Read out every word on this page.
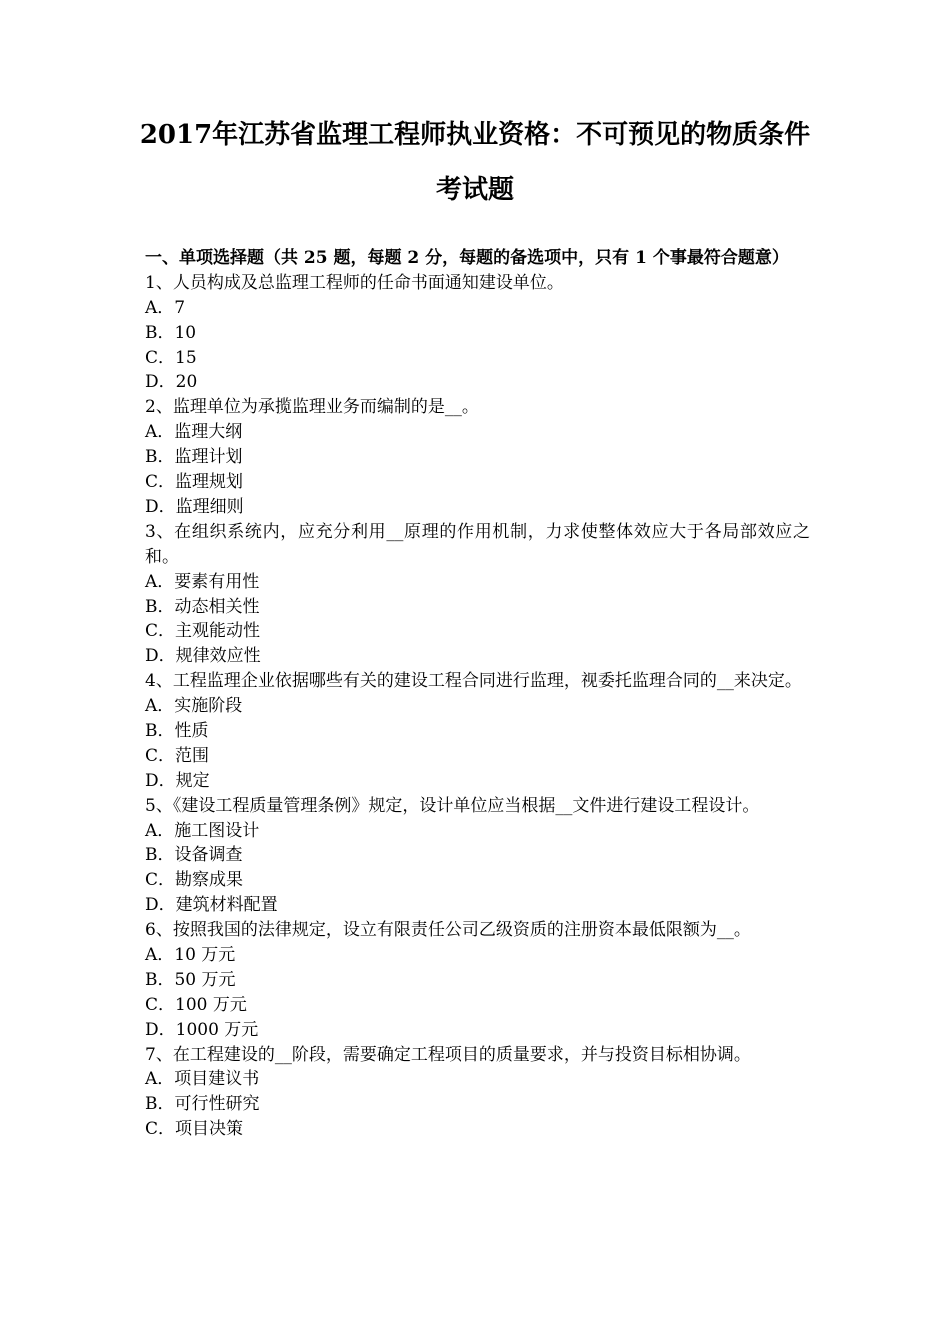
2017年江苏省监理工程师执业资格：不可预见的物质条件
考试题
一、单项选择题（共 25 题，每题 2 分，每题的备选项中，只有 1 个事最符合题意）
1、人员构成及总监理工程师的任命书面通知建设单位。
A．7
B．10
C．15
D．20
2、监理单位为承揽监理业务而编制的是__。
A．监理大纲
B．监理计划
C．监理规划
D．监理细则
3、在组织系统内，应充分利用__原理的作用机制，力求使整体效应大于各局部效应之和。
A．要素有用性
B．动态相关性
C．主观能动性
D．规律效应性
4、工程监理企业依据哪些有关的建设工程合同进行监理，视委托监理合同的__来决定。
A．实施阶段
B．性质
C．范围
D．规定
5、《建设工程质量管理条例》规定，设计单位应当根据__文件进行建设工程设计。
A．施工图设计
B．设备调查
C．勘察成果
D．建筑材料配置
6、按照我国的法律规定，设立有限责任公司乙级资质的注册资本最低限额为__。
A．10 万元
B．50 万元
C．100 万元
D．1000 万元
7、在工程建设的__阶段，需要确定工程项目的质量要求，并与投资目标相协调。
A．项目建议书
B．可行性研究
C．项目决策
